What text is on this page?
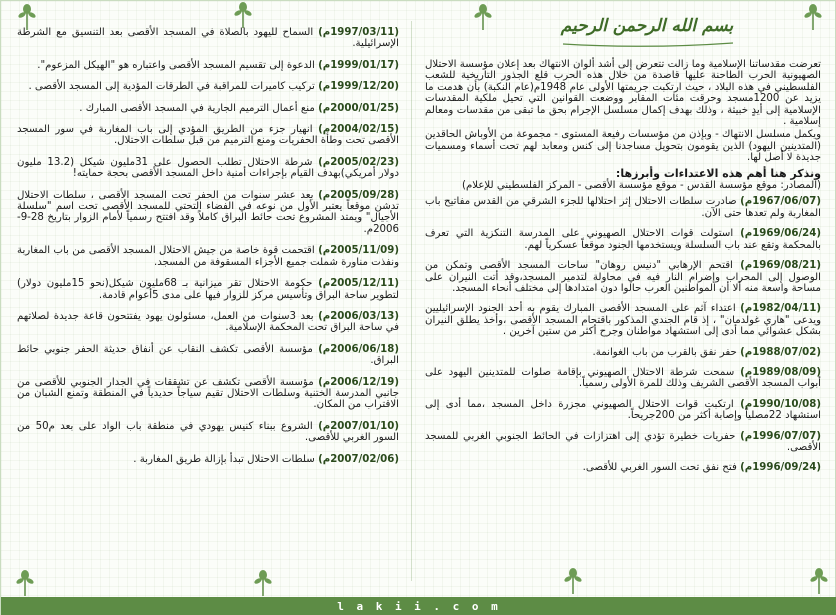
بسم الله الرحمن الرحيم

تعرضت مقدساتنا الإسلامية وما زالت تتعرض إلى أشد ألوان الانتهاك بعد إعلان مؤسسة الاحتلال الصهيونية الحرب الطاحنة عليها قاصدة من خلال هذه الحرب قلع الجذور التاريخية للشعب الفلسطيني في هذه البلاد ، حيث ارتكبت جريمتها الأولى عام 1948م(عام النكبة) بأن هدمت ما يزيد عن 1200مسجد وحرقت مئات المقابر ووضعت القوانين التي تحيل ملكية المقدسات الإسلامية إلى أيدٍ خبيثة ، وذلك بهدف إكمال مسلسل الإجرام بحق ما تبقى من مقدسات ومعالم إسلامية .

ويكمل مسلسل الانتهاك - وبإذن من مؤسسات رفيعة المستوى - مجموعة من الأوباش الحاقدين (المتدينين اليهود) الذين يقومون بتحويل مساجدنا إلى كنس ومعابد لهم تحت أسماء ومسميات جديدة لا أصل لها.

ونذكر هنا أهم هذه الاعتداءات وأبرزها:
(المصادر: موقع مؤسسة القدس - موقع مؤسسة الأقصى - المركز الفلسطيني للإعلام)
(1967/06/07م) صادرت سلطات الاحتلال إثر احتلالها للجزء الشرقي من القدس مفاتيح باب المغاربة ولم تعدها حتى الآن.
(1969/06/24م) استولت قوات الاحتلال الصهيوني على المدرسة التنكزية التي تعرف بالمحكمة وتقع عند باب السلسلة ويستخدمها الجنود موقعاً عسكرياً لهم.
(1969/08/21م) اقتحم الإرهابي "دنيس روهان" ساحات المسجد الأقصى وتمكن من الوصول إلى المحراب وإضرام النار فيه في محاولة لتدمير المسجد،وقد أتت النيران على مساحة واسعة منه ألا أن المواطنين العرب حالوا دون امتدادها إلى مختلف أنحاء المسجد.
(1982/04/11م) اعتداء آثم على المسجد الأقصى المبارك يقوم به أحد الجنود الإسرائيليين ويدعى "هاري غولدمان" ، إذ قام الجندي المذكور باقتحام المسجد الأقصى ،وأخذ يطلق النيران بشكل عشوائي مما أدى إلى استشهاد مواطنان وجرح أكثر من ستين آخرين .
(1988/07/02م) حفر نفق بالقرب من باب الغوانمة.
(1989/08/09م) سمحت شرطة الاحتلال الصهيوني بإقامة صلوات للمتدينين اليهود على أبواب المسجد الأقصى الشريف وذلك للمرة الأولى رسمياً.
(1990/10/08م) ارتكبت قوات الاحتلال الصهيوني مجزرة داخل المسجد ،مما أدى إلى استشهاد 22مصلياً وإصابة أكثر من 200جريحاً.
(1996/07/07م) حفريات خطيرة تؤدي إلى اهتزازات في الحائط الجنوبي الغربي للمسجد الأقصى.
(1996/09/24م) فتح نفق تحت السور الغربي للأقصى.
(1997/03/11م) السماح لليهود بالصلاة في المسجد الأقصى بعد التنسيق مع الشرطة الإسرائيلية.
(1999/01/17م) الدعوة إلى تقسيم المسجد الأقصى واعتباره هو "الهيكل المزعوم".
(1999/12/20م) تركيب كاميرات للمراقبة في الطرقات المؤدية إلى المسجد الأقصى .
(2000/01/25م) منع أعمال الترميم الجارية في المسجد الأقصى المبارك .
(2004/02/15م) انهيار جزء من الطريق المؤدي إلى باب المغاربة في سور المسجد الأقصى تحت وطأة الحفريات ومنع الترميم من قبل سلطات الاحتلال.
(2005/02/23م) شرطة الاحتلال تطلب الحصول على 31مليون شيكل (13.2 مليون دولار أمريكي)بهدف القيام بإجراءات أمنية داخل المسجد الأقصى بحجة حمايته!
(2005/09/28م) بعد عشر سنوات من الحفر تحت المسجد الأقصى ، سلطات الاحتلال تدشن موقعاً يعتبر الأول من نوعه في الفضاء التحتي للمسجد الأقصى تحت اسم "سلسلة الأجيال" ويمتد المشروع تحت حائط البراق كاملاً وقد افتتح رسمياً لأمام الزوار بتاريخ 28-9-2006م.
(2005/11/09م) اقتحمت قوة خاصة من جيش الاحتلال المسجد الأقصى من باب المغاربة ونفذت مناورة شملت جميع الأجزاء المسقوفة من المسجد.
(2005/12/11م) حكومة الاحتلال تقر ميزانية بـ 68مليون شيكل(نحو 15مليون دولار) لتطوير ساحة البراق وتأسيس مركز للزوار فيها على مدى 5أعوام قادمة.
(2006/03/13م) بعد 3سنوات من العمل، مسئولون يهود يفتتحون قاعة جديدة لصلاتهم في ساحة البراق تحت المحكمة الإسلامية.
(2006/06/18م) مؤسسة الأقصى تكشف النقاب عن أنفاق حديثة الحفر جنوبي حائط البراق.
(2006/12/19م) مؤسسة الأقصى تكشف عن تشققات في الجدار الجنوبي للأقصى من جانبي المدرسة الختنية وسلطات الاحتلال تقيم سياجاً حديدياً في المنطقة وتمنع الشبان من الاقتراب من المكان.
(2007/01/10م) الشروع ببناء كنيس يهودي في منطقة باب الواد على بعد م50 من السور الغربي للأقصى.
(2007/02/06م) سلطات الاحتلال تبدأ بإزالة طريق المغاربة .
l a k i i . c o m
